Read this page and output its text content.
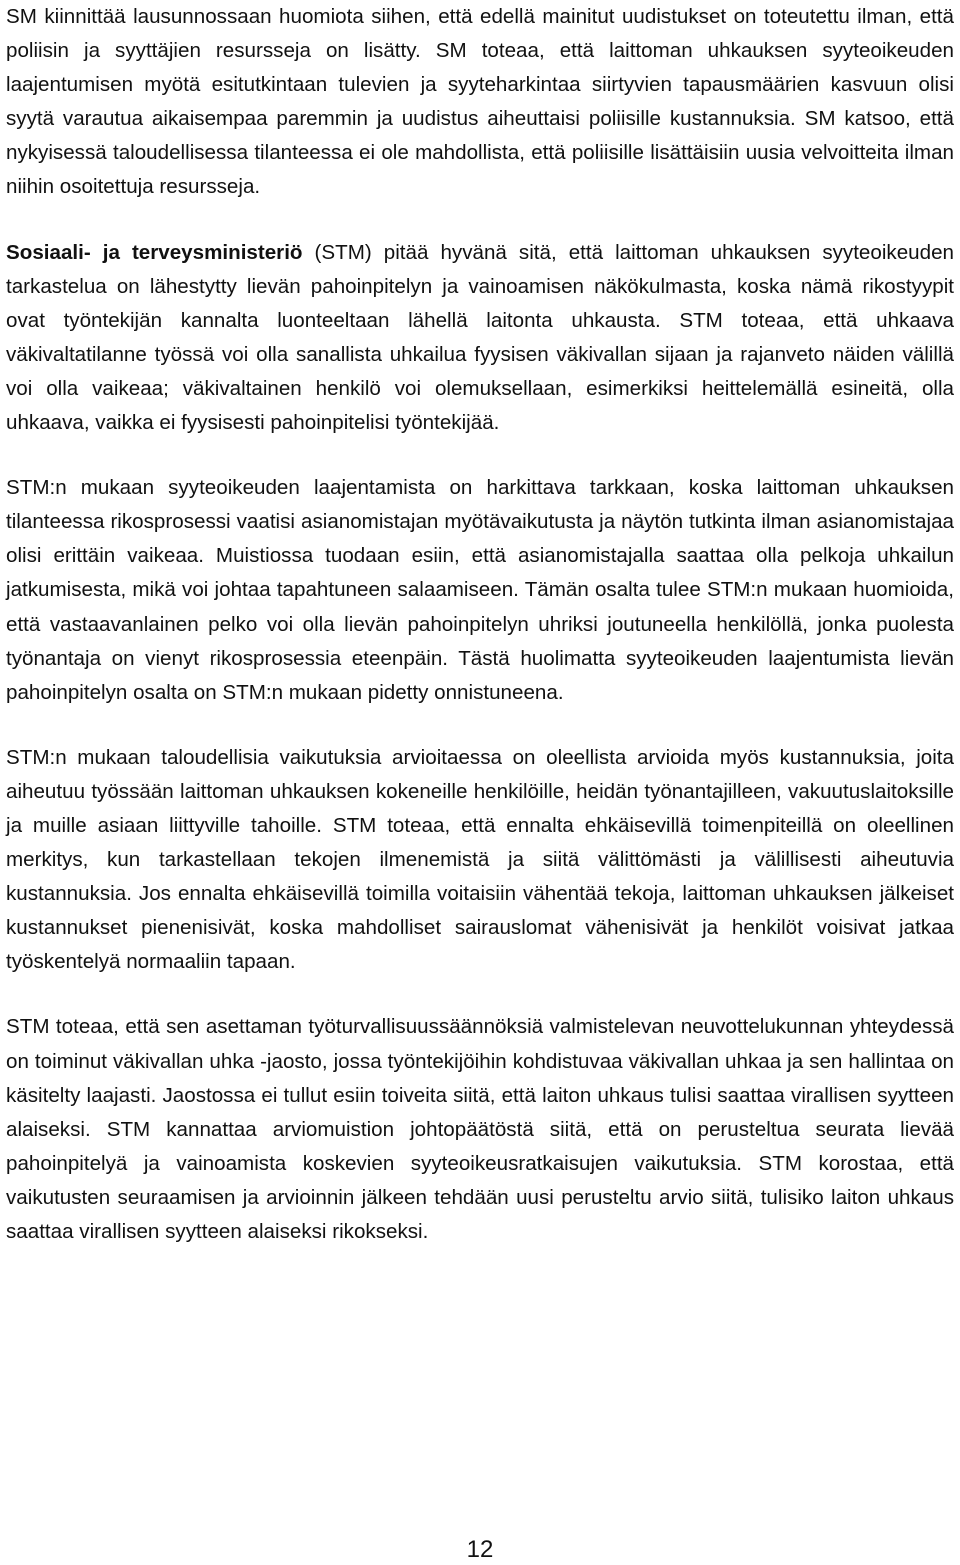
SM kiinnittää lausunnossaan huomiota siihen, että edellä mainitut uudistukset on toteutettu ilman, että poliisin ja syyttäjien resursseja on lisätty. SM toteaa, että laittoman uhkauksen syyteoikeuden laajentumisen myötä esitutkintaan tulevien ja syyteharkintaa siirtyvien tapausmäärien kasvuun olisi syytä varautua aikaisempaa paremmin ja uudistus aiheuttaisi poliisille kustannuksia. SM katsoo, että nykyisessä taloudellisessa tilanteessa ei ole mahdollista, että poliisille lisättäisiin uusia velvoitteita ilman niihin osoitettuja resursseja.

Sosiaali- ja terveysministeriö (STM) pitää hyvänä sitä, että laittoman uhkauksen syyteoikeuden tarkastelua on lähestytty lievän pahoinpitelyn ja vainoamisen näkökulmasta, koska nämä rikostyypit ovat työntekijän kannalta luonteeltaan lähellä laitonta uhkausta. STM toteaa, että uhkaava väkivaltatilanne työssä voi olla sanallista uhkailua fyysisen väkivallan sijaan ja rajanveto näiden välillä voi olla vaikeaa; väkivaltainen henkilö voi olemuksellaan, esimerkiksi heittelemällä esineitä, olla uhkaava, vaikka ei fyysisesti pahoinpitelisi työntekijää.

STM:n mukaan syyteoikeuden laajentamista on harkittava tarkkaan, koska laittoman uhkauksen tilanteessa rikosprosessi vaatisi asianomistajan myötävaikutusta ja näytön tutkinta ilman asianomistajaa olisi erittäin vaikeaa. Muistiossa tuodaan esiin, että asianomistajalla saattaa olla pelkoja uhkailun jatkumisesta, mikä voi johtaa tapahtuneen salaamiseen. Tämän osalta tulee STM:n mukaan huomioida, että vastaavanlainen pelko voi olla lievän pahoinpitelyn uhriksi joutuneella henkilöllä, jonka puolesta työnantaja on vienyt rikosprosessia eteenpäin. Tästä huolimatta syyteoikeuden laajentumista lievän pahoinpitelyn osalta on STM:n mukaan pidetty onnistuneena.

STM:n mukaan taloudellisia vaikutuksia arvioitaessa on oleellista arvioida myös kustannuksia, joita aiheutuu työssään laittoman uhkauksen kokeneille henkilöille, heidän työnantajilleen, vakuutuslaitoksille ja muille asiaan liittyville tahoille. STM toteaa, että ennalta ehkäisevillä toimenpiteillä on oleellinen merkitys, kun tarkastellaan tekojen ilmenemistä ja siitä välittömästi ja välillisesti aiheutuvia kustannuksia. Jos ennalta ehkäisevillä toimilla voitaisiin vähentää tekoja, laittoman uhkauksen jälkeiset kustannukset pienenisivät, koska mahdolliset sairauslomat vähenisivät ja henkilöt voisivat jatkaa työskentelyä normaaliin tapaan.

STM toteaa, että sen asettaman työturvallisuussäännöksiä valmistelevan neuvottelukunnan yhteydessä on toiminut väkivallan uhka -jaosto, jossa työntekijöihin kohdistuvaa väkivallan uhkaa ja sen hallintaa on käsitelty laajasti. Jaostossa ei tullut esiin toiveita siitä, että laiton uhkaus tulisi saattaa virallisen syytteen alaiseksi. STM kannattaa arviomuistion johtopäätöstä siitä, että on perusteltua seurata lievää pahoinpitelyä ja vainoamista koskevien syyteoikeusratkaisujen vaikutuksia. STM korostaa, että vaikutusten seuraamisen ja arvioinnin jälkeen tehdään uusi perusteltu arvio siitä, tulisiko laiton uhkaus saattaa virallisen syytteen alaiseksi rikokseksi.

12
